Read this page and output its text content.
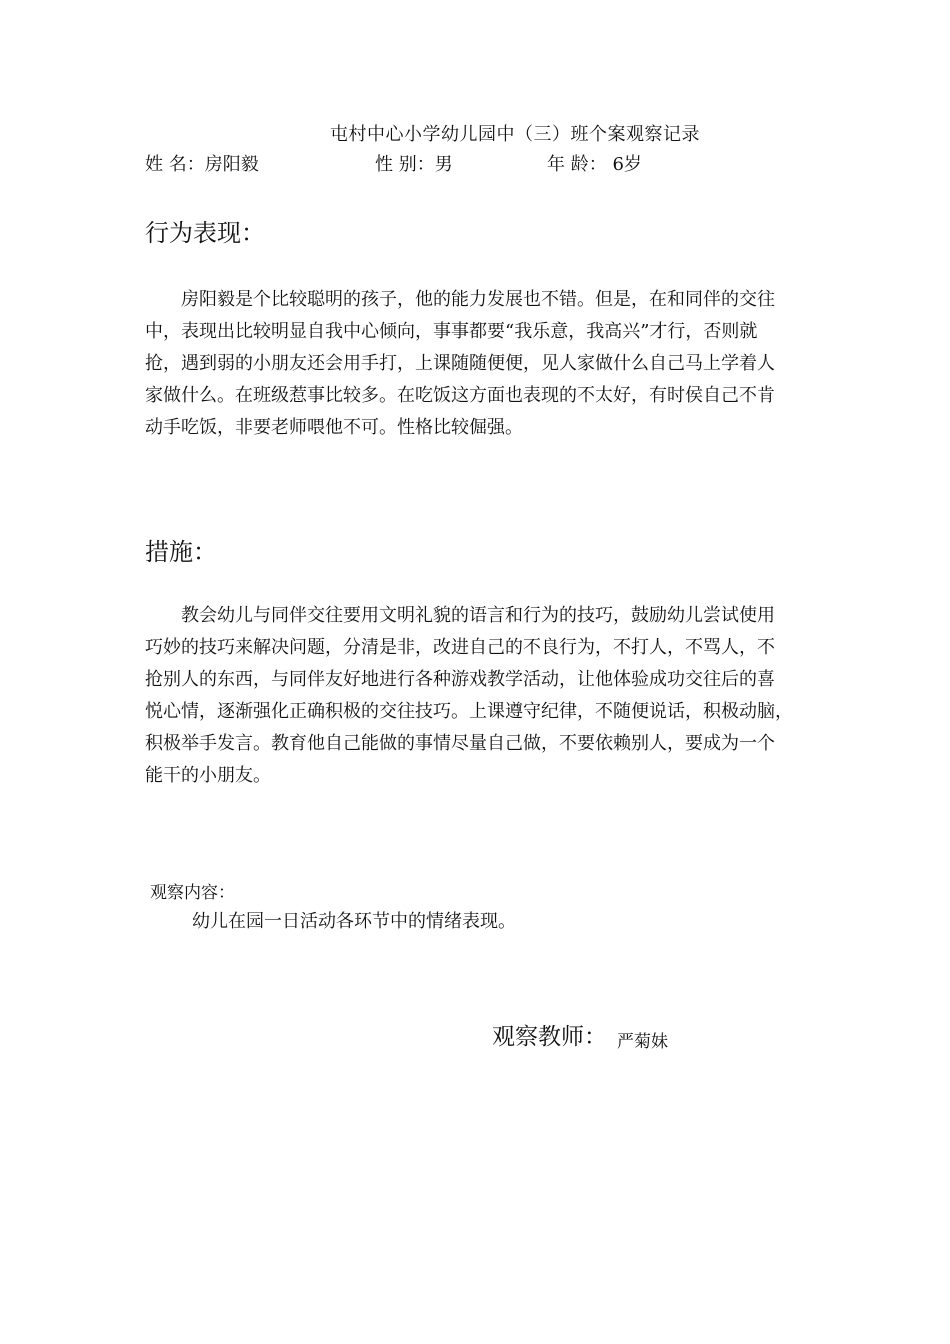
屯村中心小学幼儿园中（三）班个案观察记录
姓 名：房阳毅	性 别：男	年 龄： 6岁
行为表现：
　　房阳毅是个比较聪明的孩子，他的能力发展也不错。但是，在和同伴的交往
中，表现出比较明显自我中心倾向，事事都要“我乐意，我高兴”才行，否则就
抢，遇到弱的小朋友还会用手打，上课随随便便，见人家做什么自己马上学着人
家做什么。在班级惹事比较多。在吃饭这方面也表现的不太好，有时侯自己不肯
动手吃饭，非要老师喂他不可。性格比较倔强。
措施：
　　教会幼儿与同伴交往要用文明礼貌的语言和行为的技巧，鼓励幼儿尝试使用
巧妙的技巧来解决问题，分清是非，改进自己的不良行为，不打人，不骂人，不
抢别人的东西，与同伴友好地进行各种游戏教学活动，让他体验成功交往后的喜
悦心情，逐渐强化正确积极的交往技巧。上课遵守纪律，不随便说话，积极动脑，
积极举手发言。教育他自己能做的事情尽量自己做，不要依赖别人，要成为一个
能干的小朋友。
观察内容：
幼儿在园一日活动各环节中的情绪表现。
观察教师： 严菊妹
